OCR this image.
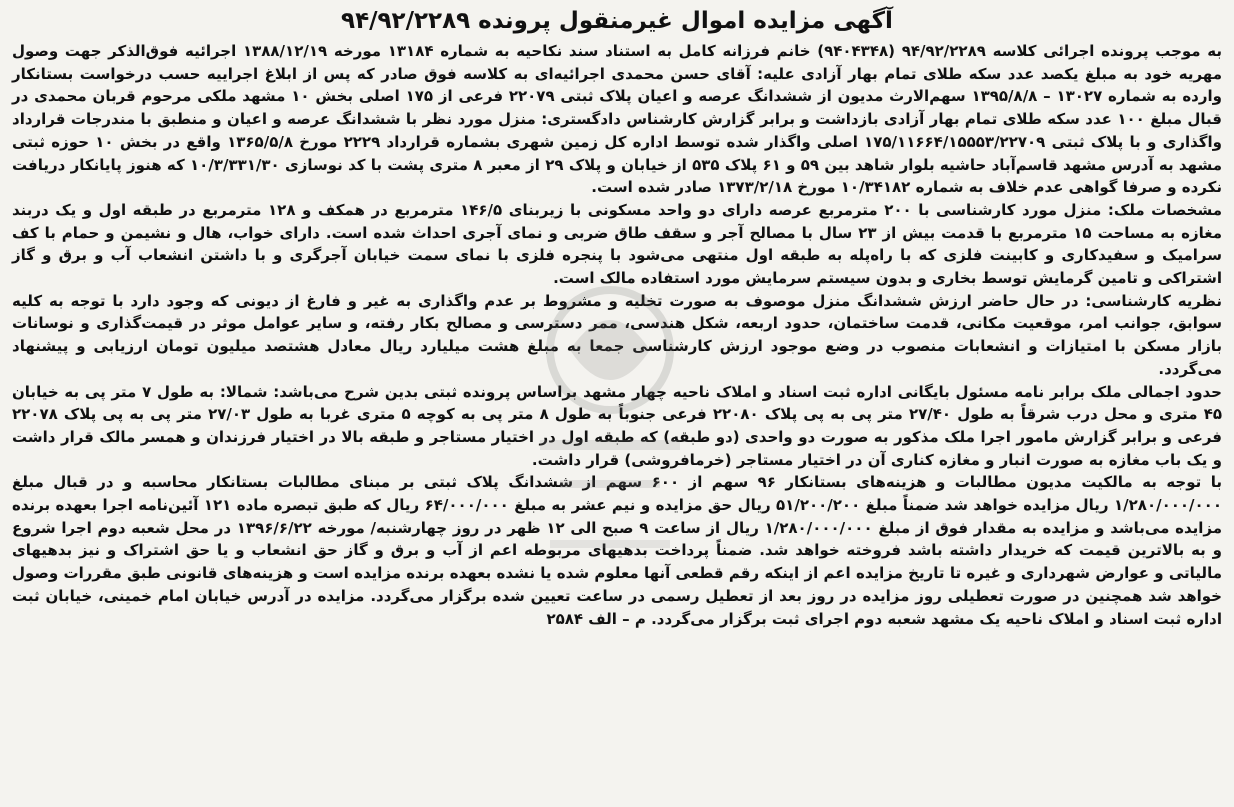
آگهی مزایده اموال غیرمنقول پرونده ۹۴/۹۲/۲۲۸۹

به موجب پرونده اجرائی کلاسه ۹۴/۹۲/۲۲۸۹ (۹۴۰۴۳۴۸) خانم فرزانه کامل به استناد سند نکاحیه به شماره ۱۳۱۸۴ مورخه ۱۳۸۸/۱۲/۱۹ اجرائیه فوق‌الذکر جهت وصول مهریه خود به مبلغ یکصد عدد سکه طلای تمام بهار آزادی علیه: آقای حسن محمدی اجرائیه‌ای به کلاسه فوق صادر که پس از ابلاغ اجراییه حسب درخواست بستانکار وارده به شماره ۱۳۰۲۷ – ۱۳۹۵/۸/۸ سهم‌الارث مدیون از ششدانگ عرصه و اعیان پلاک ثبتی ۲۲۰۷۹ فرعی از ۱۷۵ اصلی بخش ۱۰ مشهد ملکی مرحوم قربان محمدی در قبال مبلغ ۱۰۰ عدد سکه طلای تمام بهار آزادی بازداشت و برابر گزارش کارشناس دادگستری: منزل مورد نظر با ششدانگ عرصه و اعیان و منطبق با مندرجات قرارداد واگذاری و با پلاک ثبتی ۱۷۵/۱۱۶۶۴/۱۵۵۵۳/۲۲۷۰۹ اصلی واگذار شده توسط اداره کل زمین شهری بشماره قرارداد ۲۲۲۹ مورخ ۱۳۶۵/۵/۸ واقع در بخش ۱۰ حوزه ثبتی مشهد به آدرس مشهد قاسم‌آباد حاشیه بلوار شاهد بین ۵۹ و ۶۱ پلاک ۵۳۵ از خیابان و پلاک ۲۹ از معبر ۸ متری پشت با کد نوسازی ۱۰/۳/۳۳۱/۳۰ که هنوز پایانکار دریافت نکرده و صرفا گواهی عدم خلاف به شماره ۱۰/۳۴۱۸۲ مورخ ۱۳۷۳/۲/۱۸ صادر شده است.

مشخصات ملک: منزل مورد کارشناسی با ۲۰۰ مترمربع عرصه دارای دو واحد مسکونی با زیربنای ۱۴۶/۵ مترمربع در همکف و ۱۲۸ مترمربع در طبقه اول و یک دربند مغازه به مساحت ۱۵ مترمربع با قدمت بیش از ۲۳ سال با مصالح آجر و سقف طاق ضربی و نمای آجری احداث شده است. دارای خواب، هال و نشیمن و حمام با کف سرامیک و سفیدکاری و کابینت فلزی که با راه‌پله به طبقه اول منتهی می‌شود با پنجره فلزی با نمای سمت خیابان آجرگری و با داشتن انشعاب آب و برق و گاز اشتراکی و تامین گرمایش توسط بخاری و بدون سیستم سرمایش مورد استفاده مالک است.

نظریه کارشناسی: در حال حاضر ارزش ششدانگ منزل موصوف به صورت تخلیه و مشروط بر عدم واگذاری به غیر و فارغ از دیونی که وجود دارد با توجه به کلیه سوابق، جوانب امر، موقعیت مکانی، قدمت ساختمان، حدود اربعه، شکل هندسی، ممر دسترسی و مصالح بکار رفته، و سایر عوامل موثر در قیمت‌گذاری و نوسانات بازار مسکن با امتیازات و انشعابات منصوب در وضع موجود ارزش کارشناسی جمعا به مبلغ هشت میلیارد ریال معادل هشتصد میلیون تومان ارزیابی و پیشنهاد می‌گردد.

حدود اجمالی ملک برابر نامه مسئول بایگانی اداره ثبت اسناد و املاک ناحیه چهار مشهد براساس پرونده ثبتی بدین شرح می‌باشد: شمالا: به طول ۷ متر پی به خیابان ۴۵ متری و محل درب شرقاً به طول ۲۷/۴۰ متر پی به پی پلاک ۲۲۰۸۰ فرعی جنوباً به طول ۸ متر پی به کوچه ۵ متری غربا به طول ۲۷/۰۳ متر پی به پی پلاک ۲۲۰۷۸ فرعی و برابر گزارش مامور اجرا ملک مذکور به صورت دو واحدی (دو طبقه) که طبقه اول در اختیار مستاجر و طبقه بالا در اختیار فرزندان و همسر مالک قرار داشت و یک باب مغازه به صورت انبار و مغازه کناری آن در اختیار مستاجر (خرمافروشی) قرار داشت.

با توجه به مالکیت مدیون مطالبات و هزینه‌های بستانکار ۹۶ سهم از ۶۰۰ سهم از ششدانگ پلاک ثبتی بر مبنای مطالبات بستانکار محاسبه و در قبال مبلغ ۱/۲۸۰/۰۰۰/۰۰۰ ریال مزایده خواهد شد ضمناً مبلغ ۵۱/۲۰۰/۲۰۰ ریال حق مزایده و نیم عشر به مبلغ ۶۴/۰۰۰/۰۰۰ ریال که طبق تبصره ماده ۱۲۱ آئین‌نامه اجرا بعهده برنده مزایده می‌باشد و مزایده به مقدار فوق از مبلغ ۱/۲۸۰/۰۰۰/۰۰۰ ریال از ساعت ۹ صبح الی ۱۲ ظهر در روز چهارشنبه/ مورخه ۱۳۹۶/۶/۲۲ در محل شعبه دوم اجرا شروع و به بالاترین قیمت که خریدار داشته باشد فروخته خواهد شد. ضمناً پرداخت بدهیهای مربوطه اعم از آب و برق و گاز حق انشعاب و یا حق اشتراک و نیز بدهیهای مالیاتی و عوارض شهرداری و غیره تا تاریخ مزایده اعم از اینکه رقم قطعی آنها معلوم شده یا نشده بعهده برنده مزایده است و هزینه‌های قانونی طبق مقررات وصول خواهد شد همچنین در صورت تعطیلی روز مزایده در روز بعد از تعطیل رسمی در ساعت تعیین شده برگزار می‌گردد. مزایده در آدرس خیابان امام خمینی، خیابان ثبت اداره ثبت اسناد و املاک ناحیه یک مشهد شعبه دوم اجرای ثبت برگزار می‌گردد. م – الف ۲۵۸۴
